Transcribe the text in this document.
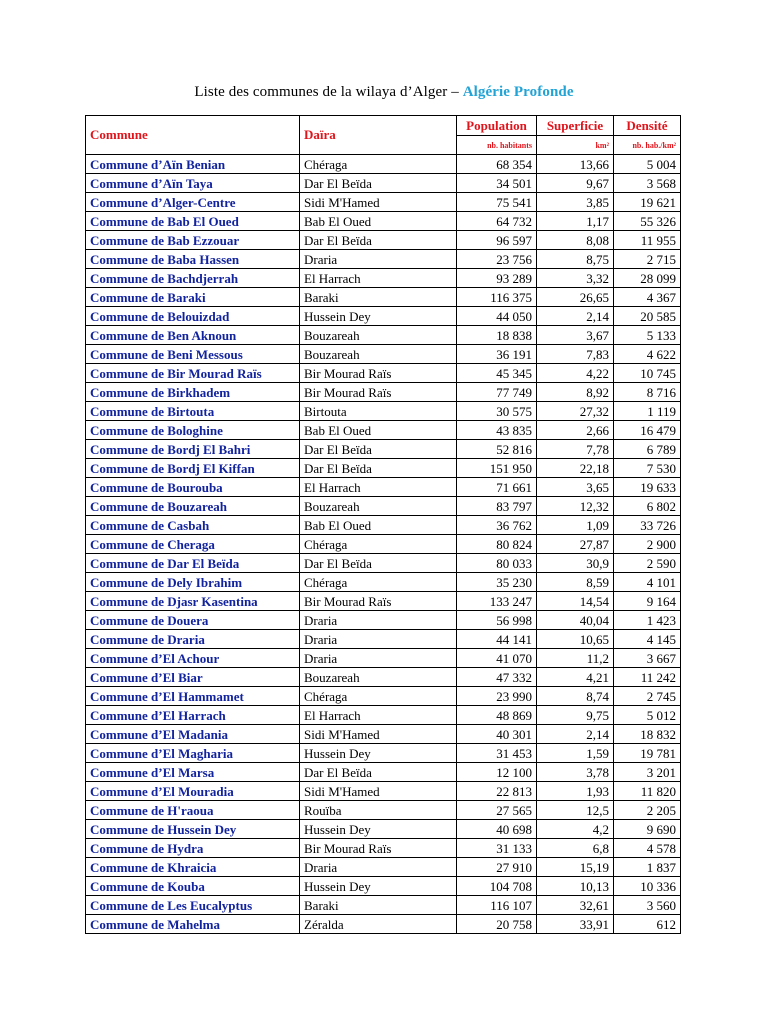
Liste des communes de la wilaya d’Alger – Algérie Profonde
Commune	Daïra	Population	Superficie	Densité
		nb. habitants	km²	nb. hab./km²
Commune d’Aïn Benian	Chéraga	68 354	13,66	5 004
Commune d’Aïn Taya	Dar El Beïda	34 501	9,67	3 568
Commune d’Alger-Centre	Sidi M'Hamed	75 541	3,85	19 621
Commune de Bab El Oued	Bab El Oued	64 732	1,17	55 326
Commune de Bab Ezzouar	Dar El Beïda	96 597	8,08	11 955
Commune de Baba Hassen	Draria	23 756	8,75	2 715
Commune de Bachdjerrah	El Harrach	93 289	3,32	28 099
Commune de Baraki	Baraki	116 375	26,65	4 367
Commune de Belouizdad	Hussein Dey	44 050	2,14	20 585
Commune de Ben Aknoun	Bouzareah	18 838	3,67	5 133
Commune de Beni Messous	Bouzareah	36 191	7,83	4 622
Commune de Bir Mourad Raïs	Bir Mourad Raïs	45 345	4,22	10 745
Commune de Birkhadem	Bir Mourad Raïs	77 749	8,92	8 716
Commune de Birtouta	Birtouta	30 575	27,32	1 119
Commune de Bologhine	Bab El Oued	43 835	2,66	16 479
Commune de Bordj El Bahri	Dar El Beïda	52 816	7,78	6 789
Commune de Bordj El Kiffan	Dar El Beïda	151 950	22,18	7 530
Commune de Bourouba	El Harrach	71 661	3,65	19 633
Commune de Bouzareah	Bouzareah	83 797	12,32	6 802
Commune de Casbah	Bab El Oued	36 762	1,09	33 726
Commune de Cheraga	Chéraga	80 824	27,87	2 900
Commune de Dar El Beïda	Dar El Beïda	80 033	30,9	2 590
Commune de Dely Ibrahim	Chéraga	35 230	8,59	4 101
Commune de Djasr Kasentina	Bir Mourad Raïs	133 247	14,54	9 164
Commune de Douera	Draria	56 998	40,04	1 423
Commune de Draria	Draria	44 141	10,65	4 145
Commune d’El Achour	Draria	41 070	11,2	3 667
Commune d’El Biar	Bouzareah	47 332	4,21	11 242
Commune d’El Hammamet	Chéraga	23 990	8,74	2 745
Commune d’El Harrach	El Harrach	48 869	9,75	5 012
Commune d’El Madania	Sidi M'Hamed	40 301	2,14	18 832
Commune d’El Magharia	Hussein Dey	31 453	1,59	19 781
Commune d’El Marsa	Dar El Beïda	12 100	3,78	3 201
Commune d’El Mouradia	Sidi M'Hamed	22 813	1,93	11 820
Commune de H'raoua	Rouïba	27 565	12,5	2 205
Commune de Hussein Dey	Hussein Dey	40 698	4,2	9 690
Commune de Hydra	Bir Mourad Raïs	31 133	6,8	4 578
Commune de Khraicia	Draria	27 910	15,19	1 837
Commune de Kouba	Hussein Dey	104 708	10,13	10 336
Commune de Les Eucalyptus	Baraki	116 107	32,61	3 560
Commune de Mahelma	Zéralda	20 758	33,91	612
